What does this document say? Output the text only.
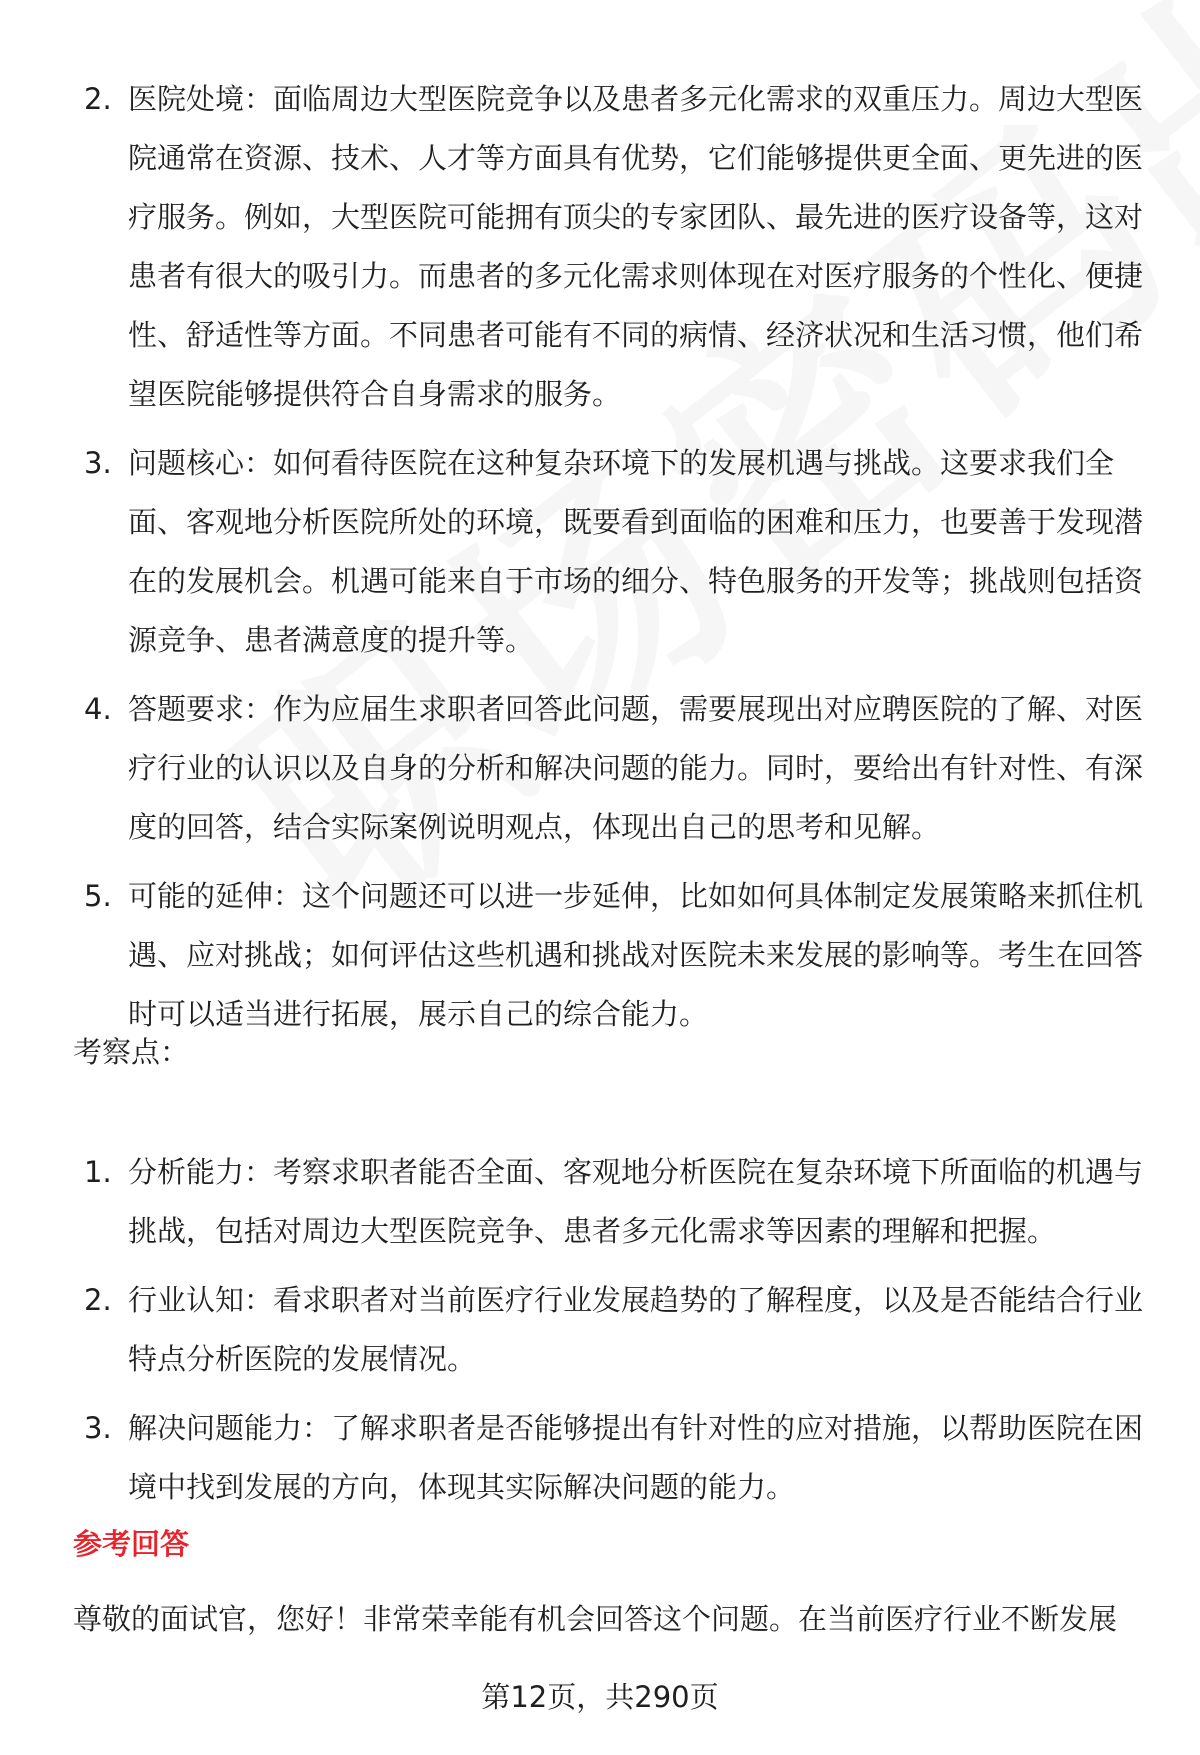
2. 医院处境：面临周边大型医院竞争以及患者多元化需求的双重压力。周边大型医院通常在资源、技术、人才等方面具有优势，它们能够提供更全面、更先进的医疗服务。例如，大型医院可能拥有顶尖的专家团队、最先进的医疗设备等，这对患者有很大的吸引力。而患者的多元化需求则体现在对医疗服务的个性化、便捷性、舒适性等方面。不同患者可能有不同的病情、经济状况和生活习惯，他们希望医院能够提供符合自身需求的服务。
3. 问题核心：如何看待医院在这种复杂环境下的发展机遇与挑战。这要求我们全面、客观地分析医院所处的环境，既要看到面临的困难和压力，也要善于发现潜在的发展机会。机遇可能来自于市场的细分、特色服务的开发等；挑战则包括资源竞争、患者满意度的提升等。
4. 答题要求：作为应届生求职者回答此问题，需要展现出对应聘医院的了解、对医疗行业的认识以及自身的分析和解决问题的能力。同时，要给出有针对性、有深度的回答，结合实际案例说明观点，体现出自己的思考和见解。
5. 可能的延伸：这个问题还可以进一步延伸，比如如何具体制定发展策略来抓住机遇、应对挑战；如何评估这些机遇和挑战对医院未来发展的影响等。考生在回答时可以适当进行拓展，展示自己的综合能力。
考察点：
1. 分析能力：考察求职者能否全面、客观地分析医院在复杂环境下所面临的机遇与挑战，包括对周边大型医院竞争、患者多元化需求等因素的理解和把握。
2. 行业认知：看求职者对当前医疗行业发展趋势的了解程度，以及是否能结合行业特点分析医院的发展情况。
3. 解决问题能力：了解求职者是否能够提出有针对性的应对措施，以帮助医院在困境中找到发展的方向，体现其实际解决问题的能力。
参考回答
尊敬的面试官，您好！非常荣幸能有机会回答这个问题。在当前医疗行业不断发展
第12页，共290页
